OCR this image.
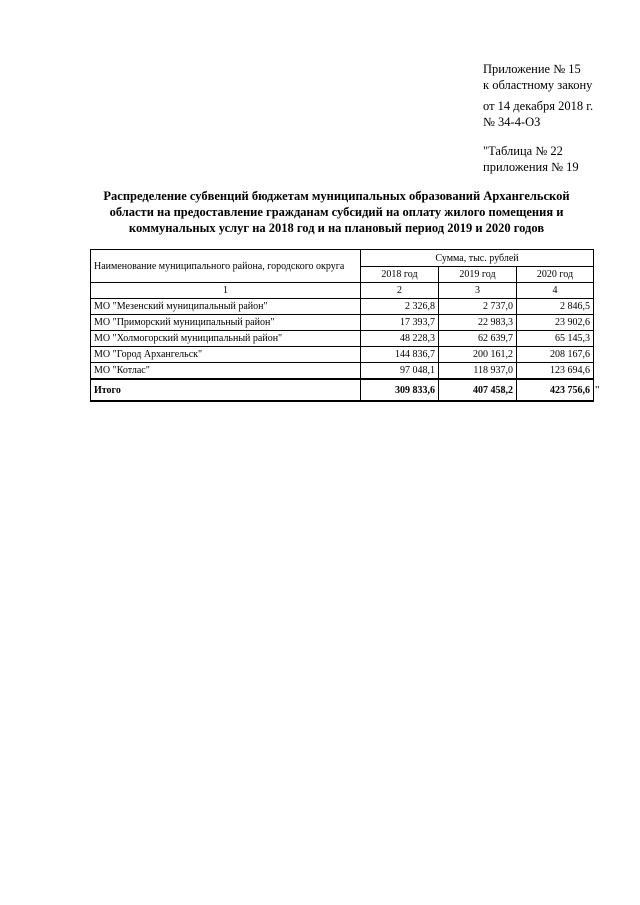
Приложение № 15
к областному закону
от 14 декабря 2018 г.
№ 34-4-ОЗ
"Таблица № 22
приложения № 19
Распределение субвенций бюджетам муниципальных образований Архангельской области на предоставление гражданам субсидий на оплату жилого помещения и коммунальных услуг на 2018 год и на плановый период 2019 и 2020 годов
Наименование муниципального района, городского округа	Сумма, тыс. рублей		
	2018 год	2019 год	2020 год
1	2	3	4
МО "Мезенский муниципальный район"	2 326,8	2 737,0	2 846,5
МО "Приморский муниципальный район"	17 393,7	22 983,3	23 902,6
МО "Холмогорский муниципальный район"	48 228,3	62 639,7	65 145,3
МО "Город Архангельск"	144 836,7	200 161,2	208 167,6
МО "Котлас"	97 048,1	118 937,0	123 694,6
Итого	309 833,6	407 458,2	423 756,6 "
